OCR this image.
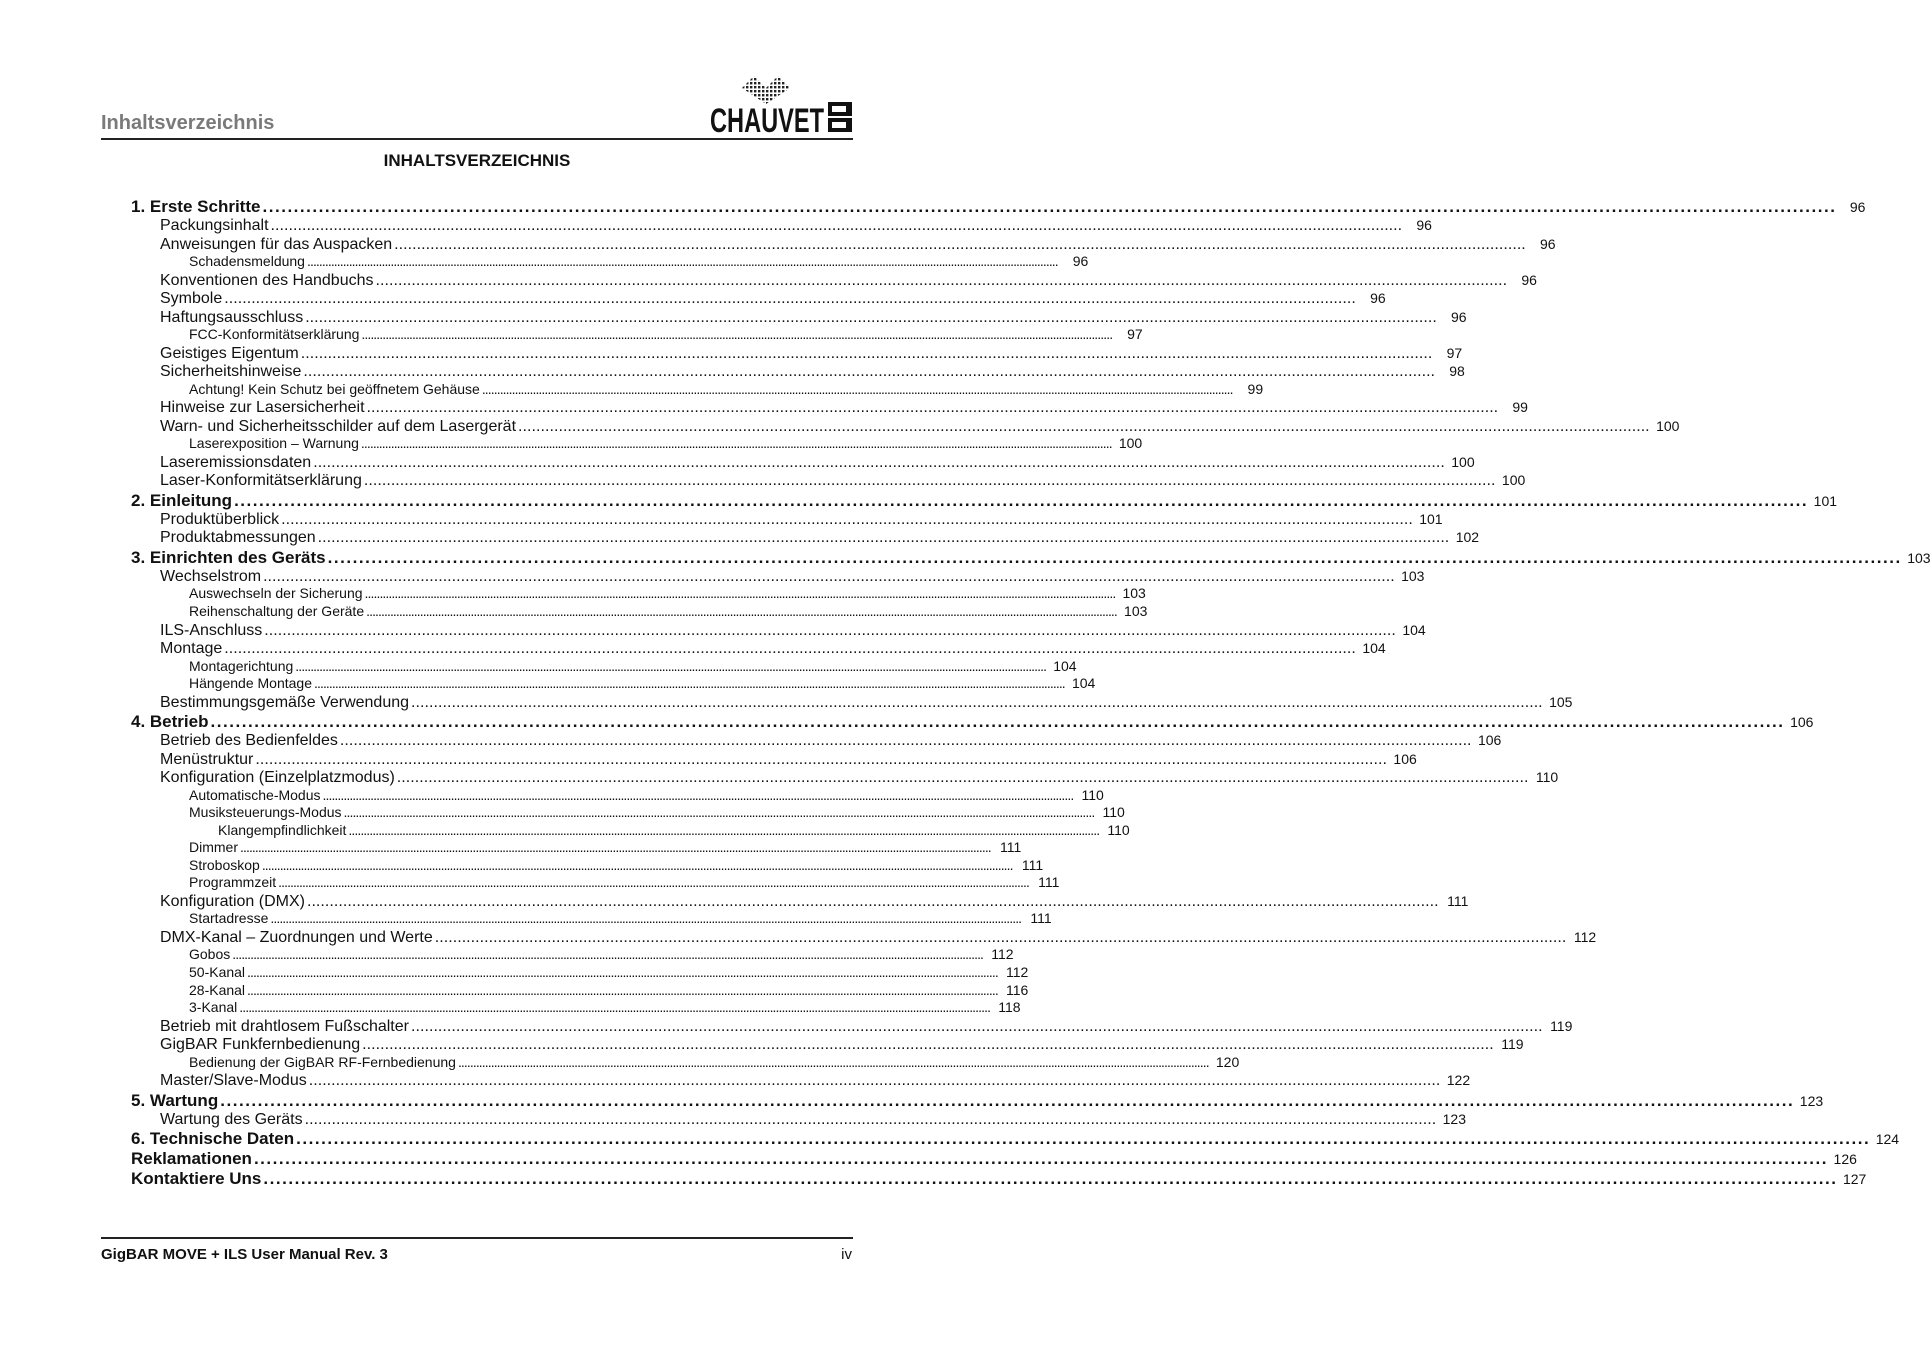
Inhaltsverzeichnis	CHAUVET
INHALTSVERZEICHNIS
1. Erste Schritte . . .	96
Packungsinhalt . . .	96
Anweisungen für das Auspacken . . .	96
Schadensmeldung . . .	96
Konventionen des Handbuchs . . .	96
Symbole . . .	96
Haftungsausschluss . . .	96
FCC-Konformitätserklärung . . .	97
Geistiges Eigentum . . .	97
Sicherheitshinweise . . .	98
Achtung! Kein Schutz bei geöffnetem Gehäuse . . .	99
Hinweise zur Lasersicherheit . . .	99
Warn- und Sicherheitsschilder auf dem Lasergerät . . .	100
Laserexposition – Warnung . . .	100
Laseremissionsdaten . . .	100
Laser-Konformitätserklärung . . .	100
2. Einleitung . . .	101
Produktüberblick . . .	101
Produktabmessungen . . .	102
3. Einrichten des Geräts . . .	103
Wechselstrom . . .	103
Auswechseln der Sicherung . . .	103
Reihenschaltung der Geräte . . .	103
ILS-Anschluss . . .	104
Montage . . .	104
Montagerichtung . . .	104
Hängende Montage . . .	104
Bestimmungsgemäße Verwendung . . .	105
4. Betrieb . . .	106
Betrieb des Bedienfeldes . . .	106
Menüstruktur . . .	106
Konfiguration (Einzelplatzmodus) . . .	110
Automatische-Modus . . .	110
Musiksteuerungs-Modus . . .	110
Klangempfindlichkeit . . .	110
Dimmer . . .	111
Stroboskop . . .	111
Programmzeit . . .	111
Konfiguration (DMX) . . .	111
Startadresse . . .	111
DMX-Kanal – Zuordnungen und Werte . . .	112
Gobos . . .	112
50-Kanal . . .	112
28-Kanal . . .	116
3-Kanal . . .	118
Betrieb mit drahtlosem Fußschalter . . .	119
GigBAR Funkfernbedienung . . .	119
Bedienung der GigBAR RF-Fernbedienung . . .	120
Master/Slave-Modus . . .	122
5. Wartung . . .	123
Wartung des Geräts . . .	123
6. Technische Daten . . .	124
Reklamationen . . .	126
Kontaktiere Uns . . .	127
GigBAR MOVE + ILS User Manual Rev. 3	iv
